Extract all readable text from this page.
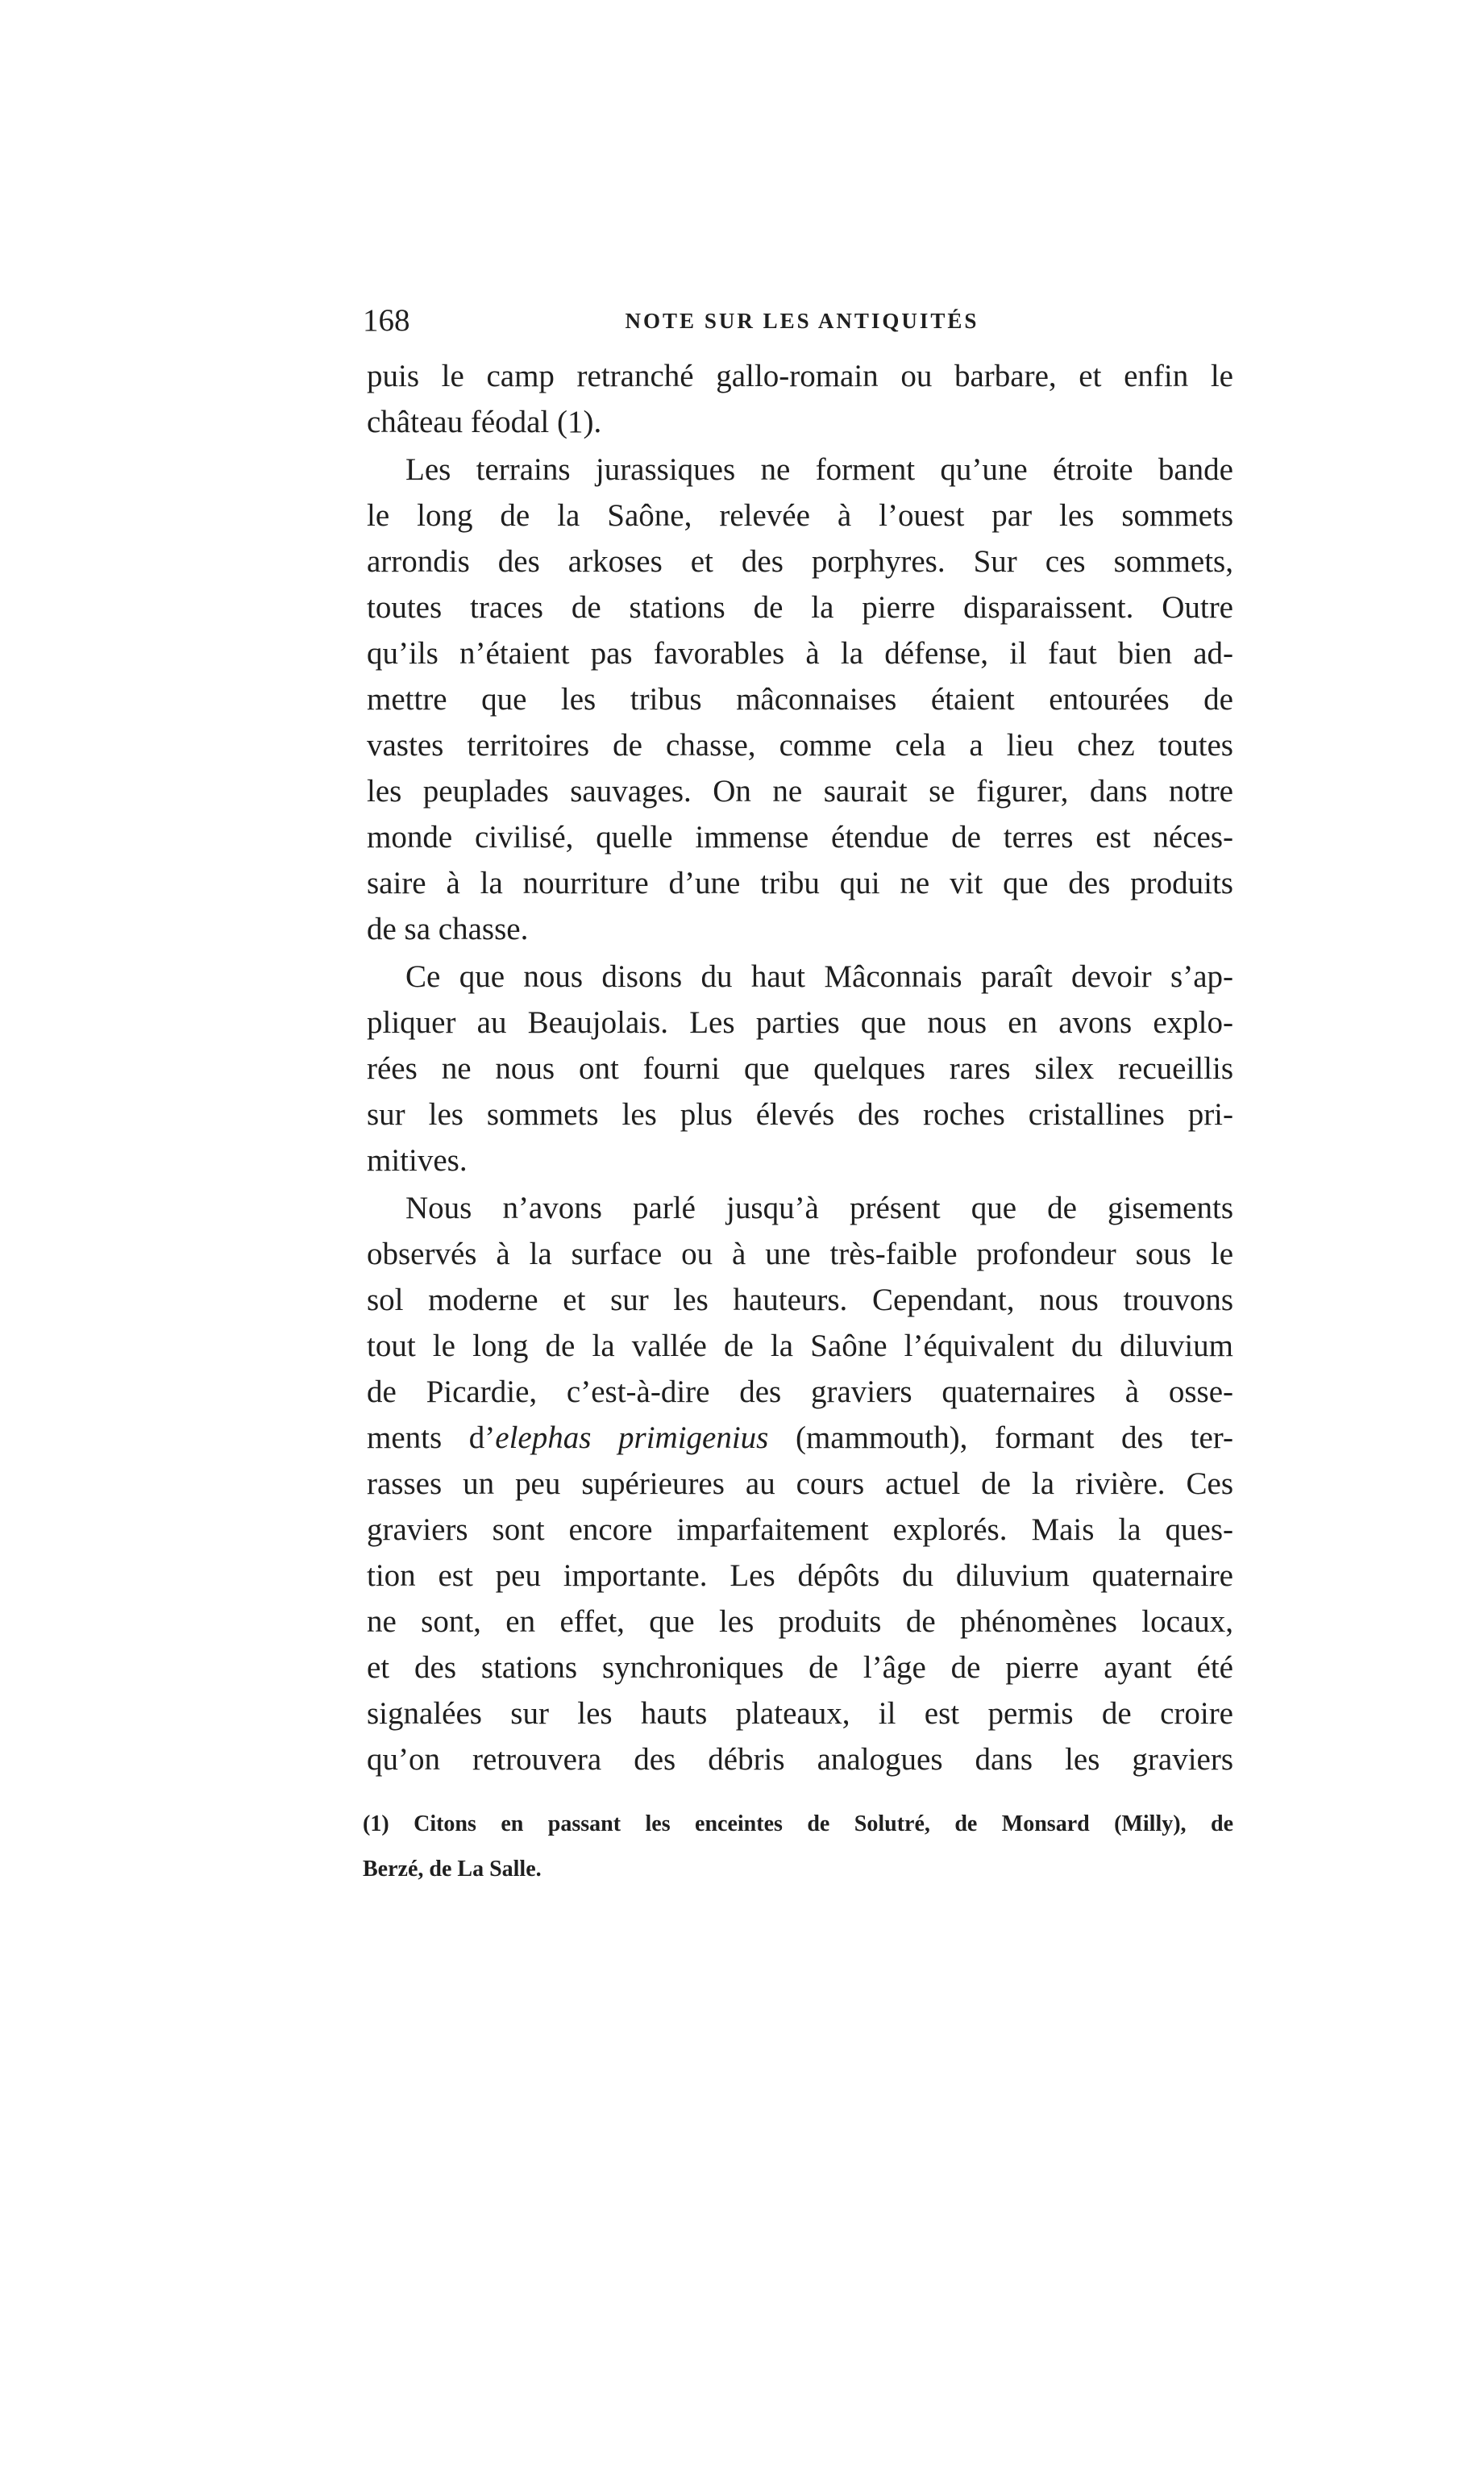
168	NOTE SUR LES ANTIQUITÉS
puis le camp retranché gallo-romain ou barbare, et enfin le
château féodal (1).
Les terrains jurassiques ne forment qu’une étroite bande
le long de la Saône, relevée à l’ouest par les sommets
arrondis des arkoses et des porphyres. Sur ces sommets,
toutes traces de stations de la pierre disparaissent. Outre
qu’ils n’étaient pas favorables à la défense, il faut bien ad-
mettre que les tribus mâconnaises étaient entourées de
vastes territoires de chasse, comme cela a lieu chez toutes
les peuplades sauvages. On ne saurait se figurer, dans notre
monde civilisé, quelle immense étendue de terres est néces-
saire à la nourriture d’une tribu qui ne vit que des produits
de sa chasse.
Ce que nous disons du haut Mâconnais paraît devoir s’ap-
pliquer au Beaujolais. Les parties que nous en avons explo-
rées ne nous ont fourni que quelques rares silex recueillis
sur les sommets les plus élevés des roches cristallines pri-
mitives.
Nous n’avons parlé jusqu’à présent que de gisements
observés à la surface ou à une très-faible profondeur sous le
sol moderne et sur les hauteurs. Cependant, nous trouvons
tout le long de la vallée de la Saône l’équivalent du diluvium
de Picardie, c’est-à-dire des graviers quaternaires à osse-
ments d’elephas primigenius (mammouth), formant des ter-
rasses un peu supérieures au cours actuel de la rivière. Ces
graviers sont encore imparfaitement explorés. Mais la ques-
tion est peu importante. Les dépôts du diluvium quaternaire
ne sont, en effet, que les produits de phénomènes locaux,
et des stations synchroniques de l’âge de pierre ayant été
signalées sur les hauts plateaux, il est permis de croire
qu’on retrouvera des débris analogues dans les graviers
(1) Citons en passant les enceintes de Solutré, de Monsard (Milly), de
Berzé, de La Salle.
